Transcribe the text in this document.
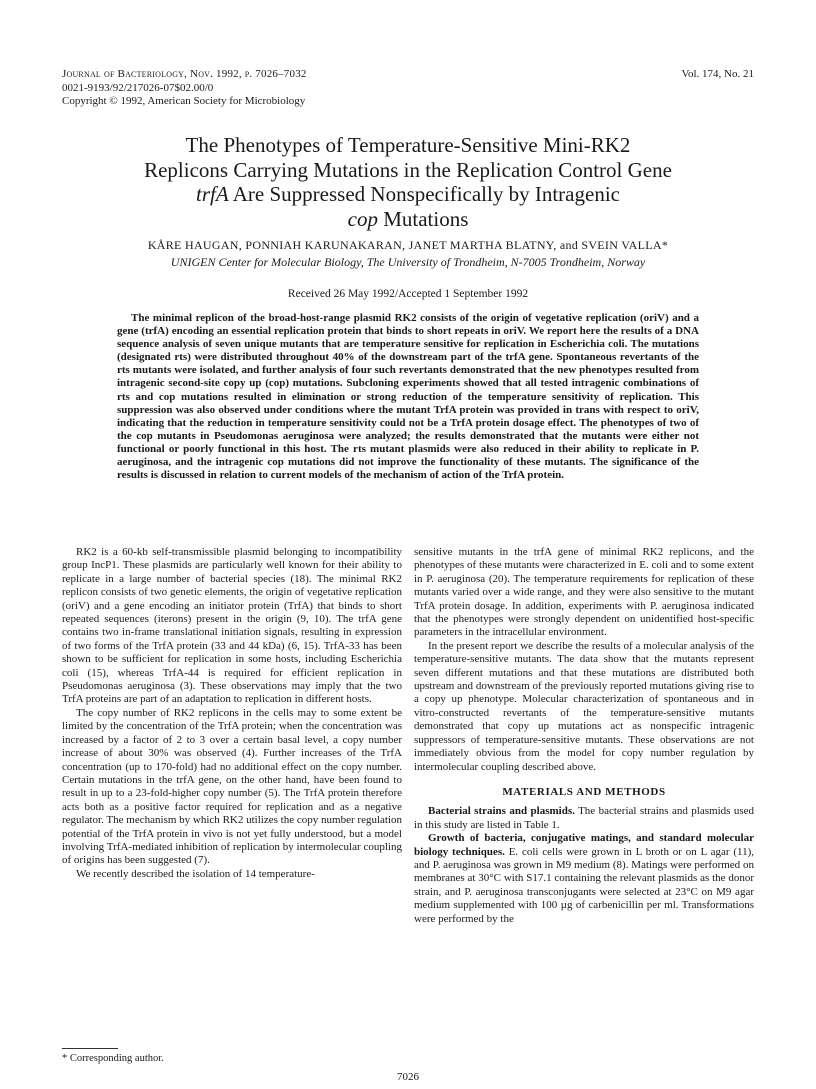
Journal of Bacteriology, Nov. 1992, p. 7026–7032
0021-9193/92/217026-07$02.00/0
Copyright © 1992, American Society for Microbiology
Vol. 174, No. 21
The Phenotypes of Temperature-Sensitive Mini-RK2
Replicons Carrying Mutations in the Replication Control Gene
trfA Are Suppressed Nonspecifically by Intragenic
cop Mutations
KÅRE HAUGAN, PONNIAH KARUNAKARAN, JANET MARTHA BLATNY, and SVEIN VALLA*
UNIGEN Center for Molecular Biology, The University of Trondheim, N-7005 Trondheim, Norway
Received 26 May 1992/Accepted 1 September 1992
The minimal replicon of the broad-host-range plasmid RK2 consists of the origin of vegetative replication (oriV) and a gene (trfA) encoding an essential replication protein that binds to short repeats in oriV. We report here the results of a DNA sequence analysis of seven unique mutants that are temperature sensitive for replication in Escherichia coli. The mutations (designated rts) were distributed throughout 40% of the downstream part of the trfA gene. Spontaneous revertants of the rts mutants were isolated, and further analysis of four such revertants demonstrated that the new phenotypes resulted from intragenic second-site copy up (cop) mutations. Subcloning experiments showed that all tested intragenic combinations of rts and cop mutations resulted in elimination or strong reduction of the temperature sensitivity of replication. This suppression was also observed under conditions where the mutant TrfA protein was provided in trans with respect to oriV, indicating that the reduction in temperature sensitivity could not be a TrfA protein dosage effect. The phenotypes of two of the cop mutants in Pseudomonas aeruginosa were analyzed; the results demonstrated that the mutants were either not functional or poorly functional in this host. The rts mutant plasmids were also reduced in their ability to replicate in P. aeruginosa, and the intragenic cop mutations did not improve the functionality of these mutants. The significance of the results is discussed in relation to current models of the mechanism of action of the TrfA protein.

RK2 is a 60-kb self-transmissible plasmid belonging to incompatibility group IncP1. These plasmids are particularly well known for their ability to replicate in a large number of bacterial species (18). The minimal RK2 replicon consists of two genetic elements, the origin of vegetative replication (oriV) and a gene encoding an initiator protein (TrfA) that binds to short repeated sequences (iterons) present in the origin (9, 10). The trfA gene contains two in-frame translational initiation signals, resulting in expression of two forms of the TrfA protein (33 and 44 kDa) (6, 15). TrfA-33 has been shown to be sufficient for replication in some hosts, including Escherichia coli (15), whereas TrfA-44 is required for efficient replication in Pseudomonas aeruginosa (3). These observations may imply that the two TrfA proteins are part of an adaptation to replication in different hosts.

The copy number of RK2 replicons in the cells may to some extent be limited by the concentration of the TrfA protein; when the concentration was increased by a factor of 2 to 3 over a certain basal level, a copy number increase of about 30% was observed (4). Further increases of the TrfA concentration (up to 170-fold) had no additional effect on the copy number. Certain mutations in the trfA gene, on the other hand, have been found to result in up to a 23-fold-higher copy number (5). The TrfA protein therefore acts both as a positive factor required for replication and as a negative regulator. The mechanism by which RK2 utilizes the copy number regulation potential of the TrfA protein in vivo is not yet fully understood, but a model involving TrfA-mediated inhibition of replication by intermolecular coupling of origins has been suggested (7).

We recently described the isolation of 14 temperature-

sensitive mutants in the trfA gene of minimal RK2 replicons, and the phenotypes of these mutants were characterized in E. coli and to some extent in P. aeruginosa (20). The temperature requirements for replication of these mutants varied over a wide range, and they were also sensitive to the mutant TrfA protein dosage. In addition, experiments with P. aeruginosa indicated that the phenotypes were strongly dependent on unidentified host-specific parameters in the intracellular environment.

In the present report we describe the results of a molecular analysis of the temperature-sensitive mutants. The data show that the mutants represent seven different mutations and that these mutations are distributed both upstream and downstream of the previously reported mutations giving rise to a copy up phenotype. Molecular characterization of spontaneous and in vitro-constructed revertants of the temperature-sensitive mutants demonstrated that copy up mutations act as nonspecific intragenic suppressors of temperature-sensitive mutants. These observations are not immediately obvious from the model for copy number regulation by intermolecular coupling described above.

MATERIALS AND METHODS

Bacterial strains and plasmids. The bacterial strains and plasmids used in this study are listed in Table 1.

Growth of bacteria, conjugative matings, and standard molecular biology techniques. E. coli cells were grown in L broth or on L agar (11), and P. aeruginosa was grown in M9 medium (8). Matings were performed on membranes at 30°C with S17.1 containing the relevant plasmids as the donor strain, and P. aeruginosa transconjugants were selected at 23°C on M9 agar medium supplemented with 100 µg of carbenicillin per ml. Transformations were performed by the

* Corresponding author.
7026
